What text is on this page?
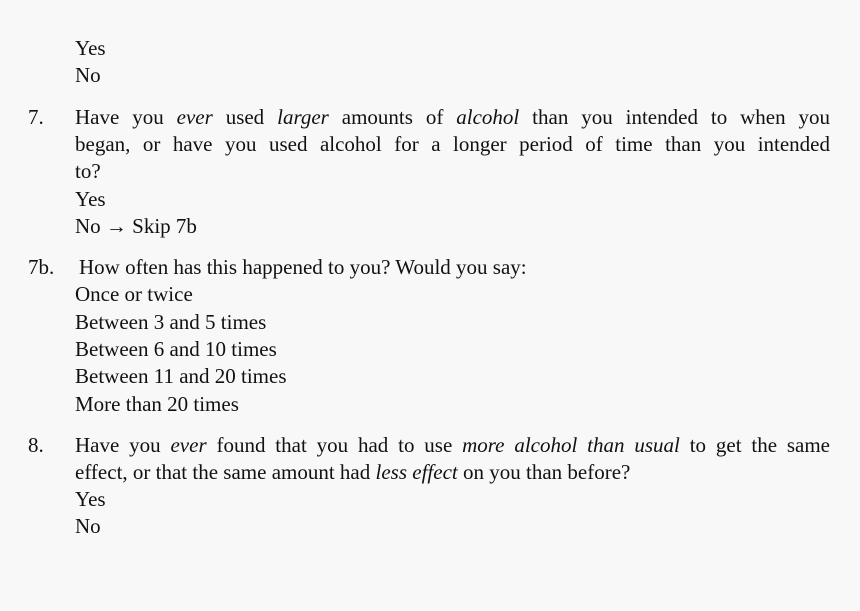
Yes
No
7. Have you ever used larger amounts of alcohol than you intended to when you
began, or have you used alcohol for a longer period of time than you intended
to?
Yes
No → Skip 7b
7b. How often has this happened to you? Would you say:
Once or twice
Between 3 and 5 times
Between 6 and 10 times
Between 11 and 20 times
More than 20 times
8. Have you ever found that you had to use more alcohol than usual to get the same
effect, or that the same amount had less effect on you than before?
Yes
No
